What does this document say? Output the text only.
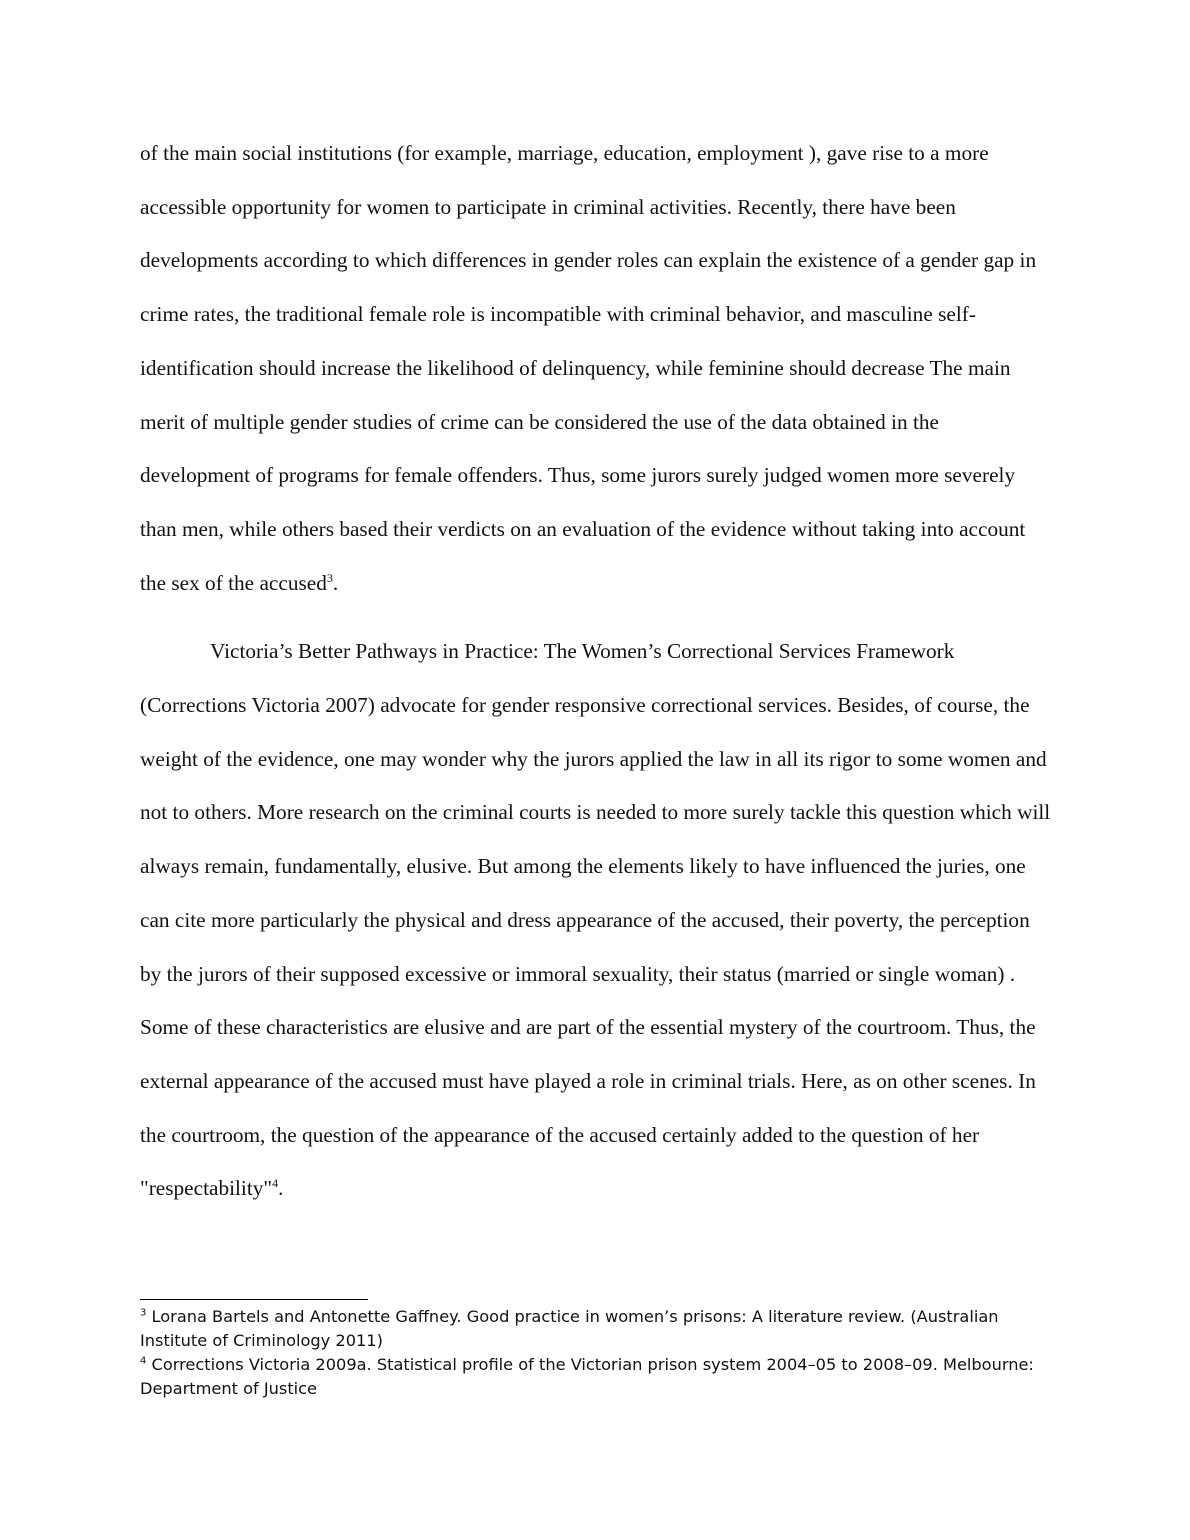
of the main social institutions (for example, marriage, education, employment ), gave rise to a more accessible opportunity for women to participate in criminal activities. Recently, there have been developments according to which differences in gender roles can explain the existence of a gender gap in crime rates, the traditional female role is incompatible with criminal behavior, and masculine self-identification should increase the likelihood of delinquency, while feminine should decrease The main merit of multiple gender studies of crime can be considered the use of the data obtained in the development of programs for female offenders. Thus, some jurors surely judged women more severely than men, while others based their verdicts on an evaluation of the evidence without taking into account the sex of the accused$^3$.

Victoria’s Better Pathways in Practice: The Women’s Correctional Services Framework (Corrections Victoria 2007) advocate for gender responsive correctional services. Besides, of course, the weight of the evidence, one may wonder why the jurors applied the law in all its rigor to some women and not to others. More research on the criminal courts is needed to more surely tackle this question which will always remain, fundamentally, elusive. But among the elements likely to have influenced the juries, one can cite more particularly the physical and dress appearance of the accused, their poverty, the perception by the jurors of their supposed excessive or immoral sexuality, their status (married or single woman) . Some of these characteristics are elusive and are part of the essential mystery of the courtroom. Thus, the external appearance of the accused must have played a role in criminal trials. Here, as on other scenes. In the courtroom, the question of the appearance of the accused certainly added to the question of her "respectability"$^4$.

$^3$ Lorana Bartels and Antonette Gaffney. Good practice in women’s prisons: A literature review. (Australian Institute of Criminology 2011)

$^4$ Corrections Victoria 2009a. Statistical profile of the Victorian prison system 2004–05 to 2008–09. Melbourne: Department of Justice
